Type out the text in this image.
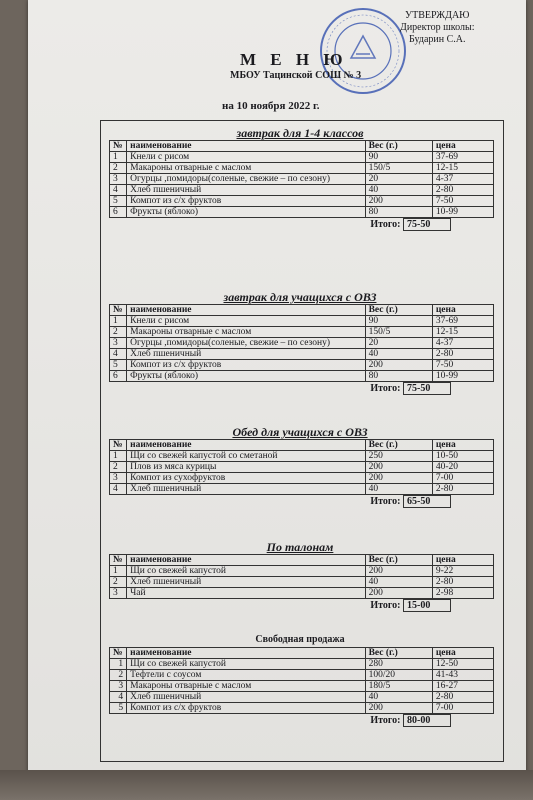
УТВЕРЖДАЮ
Директор школы:
Бударин С.А.
М Е Н Ю
МБОУ Тацинской СОШ № 3
на 10 ноября 2022 г.
завтрак для 1-4 классов
№	наименование	Вес (г.)	цена
1	Кнели с рисом	90	37-69
2	Макароны отварные с маслом	150/5	12-15
3	Огурцы ,помидоры(соленые, свежие – по сезону)	20	4-37
4	Хлеб пшеничный	40	2-80
5	Компот из с/х фруктов	200	7-50
6	Фрукты (яблоко)	80	10-99
Итого: 75-50
завтрак для учащихся с ОВЗ
№	наименование	Вес (г.)	цена
1	Кнели с рисом	90	37-69
2	Макароны отварные с маслом	150/5	12-15
3	Огурцы ,помидоры(соленые, свежие – по сезону)	20	4-37
4	Хлеб пшеничный	40	2-80
5	Компот из с/х фруктов	200	7-50
6	Фрукты (яблоко)	80	10-99
Итого: 75-50
Обед для учащихся с ОВЗ
№	наименование	Вес (г.)	цена
1	Щи со свежей капустой со сметаной	250	10-50
2	Плов из мяса курицы	200	40-20
3	Компот из сухофруктов	200	7-00
4	Хлеб пшеничный	40	2-80
Итого: 65-50
По талонам
№	наименование	Вес (г.)	цена
1	Щи со свежей капустой	200	9-22
2	Хлеб пшеничный	40	2-80
3	Чай	200	2-98
Итого: 15-00
Свободная продажа
№	наименование	Вес (г.)	цена
1	Щи со свежей капустой	280	12-50
2	Тефтели с соусом	100/20	41-43
3	Макароны отварные с маслом	180/5	16-27
4	Хлеб пшеничный	40	2-80
5	Компот из с/х фруктов	200	7-00
Итого: 80-00
